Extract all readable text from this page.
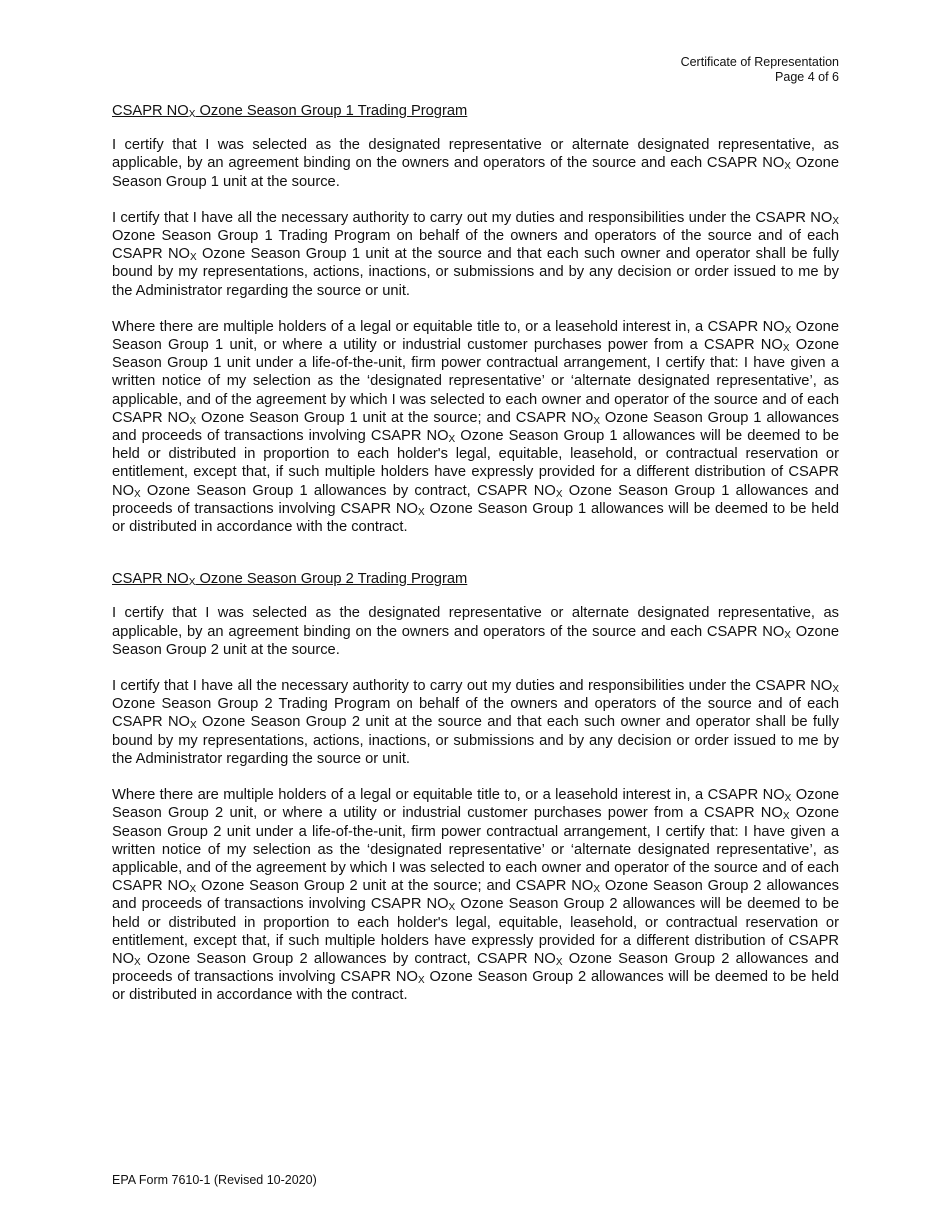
Certificate of Representation
Page 4 of 6
CSAPR $NO_X$ Ozone Season Group 1 Trading Program

I certify that I was selected as the designated representative or alternate designated representative, as applicable, by an agreement binding on the owners and operators of the source and each CSAPR $NO_X$ Ozone Season Group 1 unit at the source.

I certify that I have all the necessary authority to carry out my duties and responsibilities under the CSAPR $NO_X$ Ozone Season Group 1 Trading Program on behalf of the owners and operators of the source and of each CSAPR $NO_X$ Ozone Season Group 1 unit at the source and that each such owner and operator shall be fully bound by my representations, actions, inactions, or submissions and by any decision or order issued to me by the Administrator regarding the source or unit.

Where there are multiple holders of a legal or equitable title to, or a leasehold interest in, a CSAPR $NO_X$ Ozone Season Group 1 unit, or where a utility or industrial customer purchases power from a CSAPR $NO_X$ Ozone Season Group 1 unit under a life-of-the-unit, firm power contractual arrangement, I certify that: I have given a written notice of my selection as the ‘designated representative’ or ‘alternate designated representative’, as applicable, and of the agreement by which I was selected to each owner and operator of the source and of each CSAPR $NO_X$ Ozone Season Group 1 unit at the source; and CSAPR $NO_X$ Ozone Season Group 1 allowances and proceeds of transactions involving CSAPR $NO_X$ Ozone Season Group 1 allowances will be deemed to be held or distributed in proportion to each holder's legal, equitable, leasehold, or contractual reservation or entitlement, except that, if such multiple holders have expressly provided for a different distribution of CSAPR $NO_X$ Ozone Season Group 1 allowances by contract, CSAPR $NO_X$ Ozone Season Group 1 allowances and proceeds of transactions involving CSAPR $NO_X$ Ozone Season Group 1 allowances will be deemed to be held or distributed in accordance with the contract.

CSAPR $NO_X$ Ozone Season Group 2 Trading Program

I certify that I was selected as the designated representative or alternate designated representative, as applicable, by an agreement binding on the owners and operators of the source and each CSAPR $NO_X$ Ozone Season Group 2 unit at the source.

I certify that I have all the necessary authority to carry out my duties and responsibilities under the CSAPR $NO_X$ Ozone Season Group 2 Trading Program on behalf of the owners and operators of the source and of each CSAPR $NO_X$ Ozone Season Group 2 unit at the source and that each such owner and operator shall be fully bound by my representations, actions, inactions, or submissions and by any decision or order issued to me by the Administrator regarding the source or unit.

Where there are multiple holders of a legal or equitable title to, or a leasehold interest in, a CSAPR $NO_X$ Ozone Season Group 2 unit, or where a utility or industrial customer purchases power from a CSAPR $NO_X$ Ozone Season Group 2 unit under a life-of-the-unit, firm power contractual arrangement, I certify that: I have given a written notice of my selection as the ‘designated representative’ or ‘alternate designated representative’, as applicable, and of the agreement by which I was selected to each owner and operator of the source and of each CSAPR $NO_X$ Ozone Season Group 2 unit at the source; and CSAPR $NO_X$ Ozone Season Group 2 allowances and proceeds of transactions involving CSAPR $NO_X$ Ozone Season Group 2 allowances will be deemed to be held or distributed in proportion to each holder's legal, equitable, leasehold, or contractual reservation or entitlement, except that, if such multiple holders have expressly provided for a different distribution of CSAPR $NO_X$ Ozone Season Group 2 allowances by contract, CSAPR $NO_X$ Ozone Season Group 2 allowances and proceeds of transactions involving CSAPR $NO_X$ Ozone Season Group 2 allowances will be deemed to be held or distributed in accordance with the contract.

EPA Form 7610-1 (Revised 10-2020)
